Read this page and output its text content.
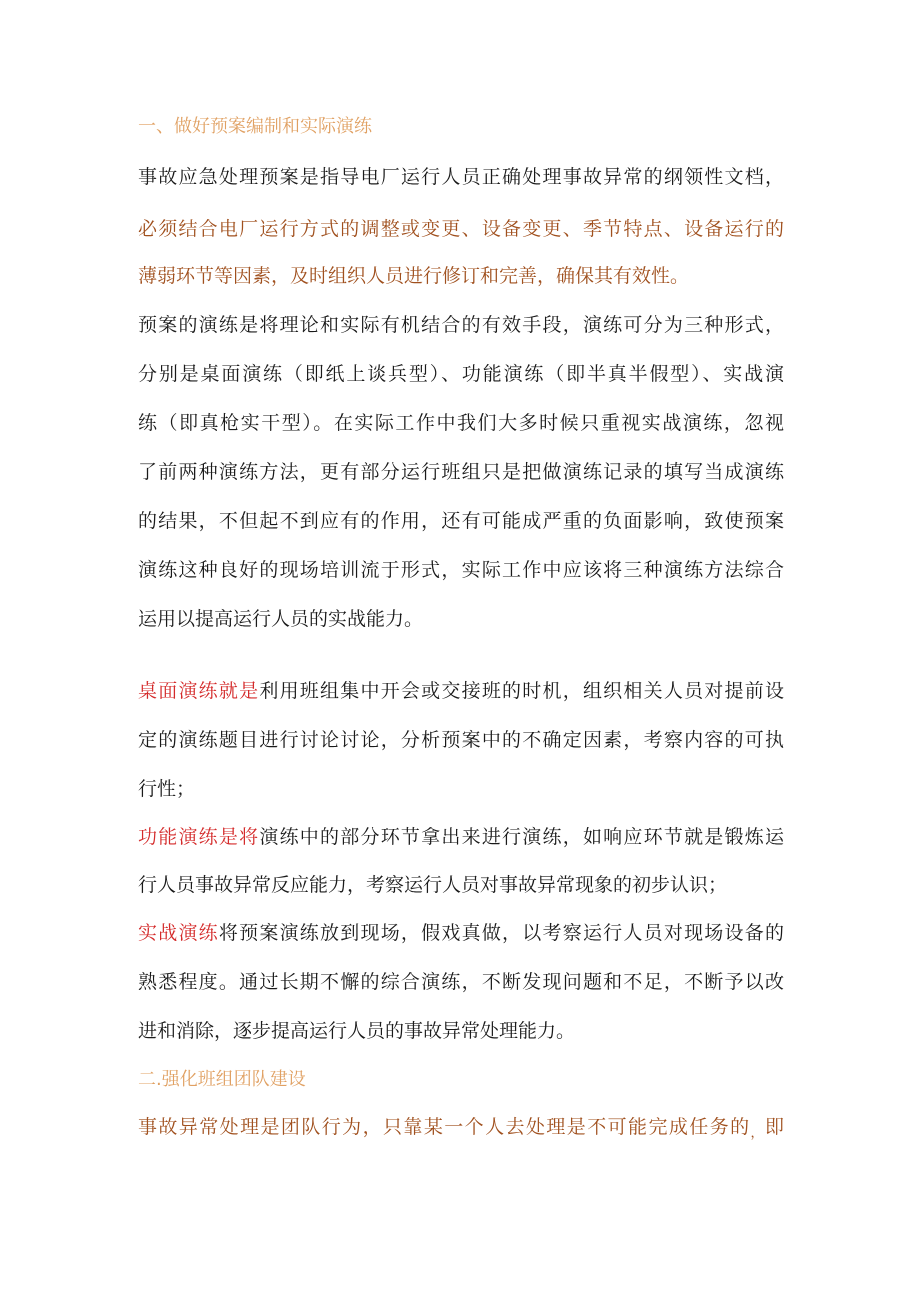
一、做好预案编制和实际演练
事故应急处理预案是指导电厂运行人员正确处理事故异常的纲领性文档，
必须结合电厂运行方式的调整或变更、设备变更、季节特点、设备运行的
薄弱环节等因素，及时组织人员进行修订和完善，确保其有效性。
预案的演练是将理论和实际有机结合的有效手段，演练可分为三种形式，
分别是桌面演练（即纸上谈兵型）、功能演练（即半真半假型）、实战演
练（即真枪实干型）。在实际工作中我们大多时候只重视实战演练，忽视
了前两种演练方法，更有部分运行班组只是把做演练记录的填写当成演练
的结果，不但起不到应有的作用，还有可能成严重的负面影响，致使预案
演练这种良好的现场培训流于形式，实际工作中应该将三种演练方法综合
运用以提高运行人员的实战能力。
桌面演练就是利用班组集中开会或交接班的时机，组织相关人员对提前设
定的演练题目进行讨论讨论，分析预案中的不确定因素，考察内容的可执
行性；
功能演练是将演练中的部分环节拿出来进行演练，如响应环节就是锻炼运
行人员事故异常反应能力，考察运行人员对事故异常现象的初步认识；
实战演练将预案演练放到现场，假戏真做，以考察运行人员对现场设备的
熟悉程度。通过长期不懈的综合演练，不断发现问题和不足，不断予以改
进和消除，逐步提高运行人员的事故异常处理能力。
二.强化班组团队建设
事故异常处理是团队行为，只靠某一个人去处理是不可能完成任务的$_,$即
